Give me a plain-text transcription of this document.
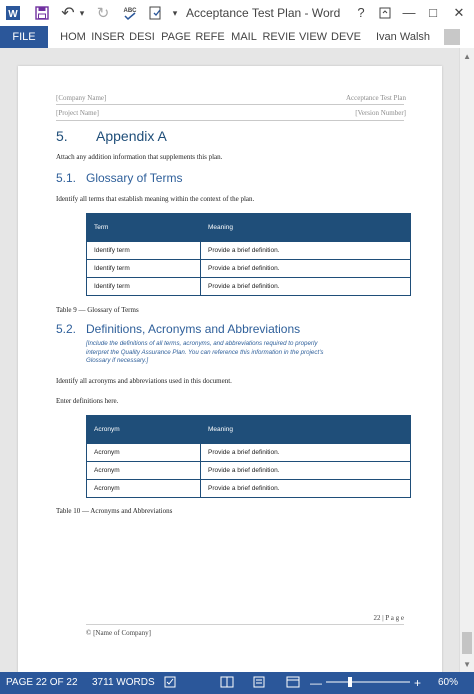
W	↶ ▾ ↻	ABC	▾ Acceptance Test Plan - Word	?	—	□	✕
FILE	HOM INSER DESI PAGE REFE MAIL REVIE VIEW DEVE Ivan Walsh
[Company Name]
[Project Name]
Acceptance Test Plan
[Version Number]
5. Appendix A
Attach any addition information that supplements this plan.
5.1. Glossary of Terms
Identify all terms that establish meaning within the context of the plan.
Term	Meaning
Identify term	Provide a brief definition.
Identify term	Provide a brief definition.
Identify term	Provide a brief definition.
Table 9 — Glossary of Terms
5.2. Definitions, Acronyms and Abbreviations
[Include the definitions of all terms, acronyms, and abbreviations required to properly
interpret the Quality Assurance Plan. You can reference this information in the project's
Glossary if necessary.]
Identify all acronyms and abbreviations used in this document.
Enter definitions here.
Acronym	Meaning
Acronym	Provide a brief definition.
Acronym	Provide a brief definition.
Acronym	Provide a brief definition.
Table 10 — Acronyms and Abbreviations
22 | P a g e
© [Name of Company]
▲
▼
PAGE 22 OF 22 3711 WORDS	—	+ 60%
